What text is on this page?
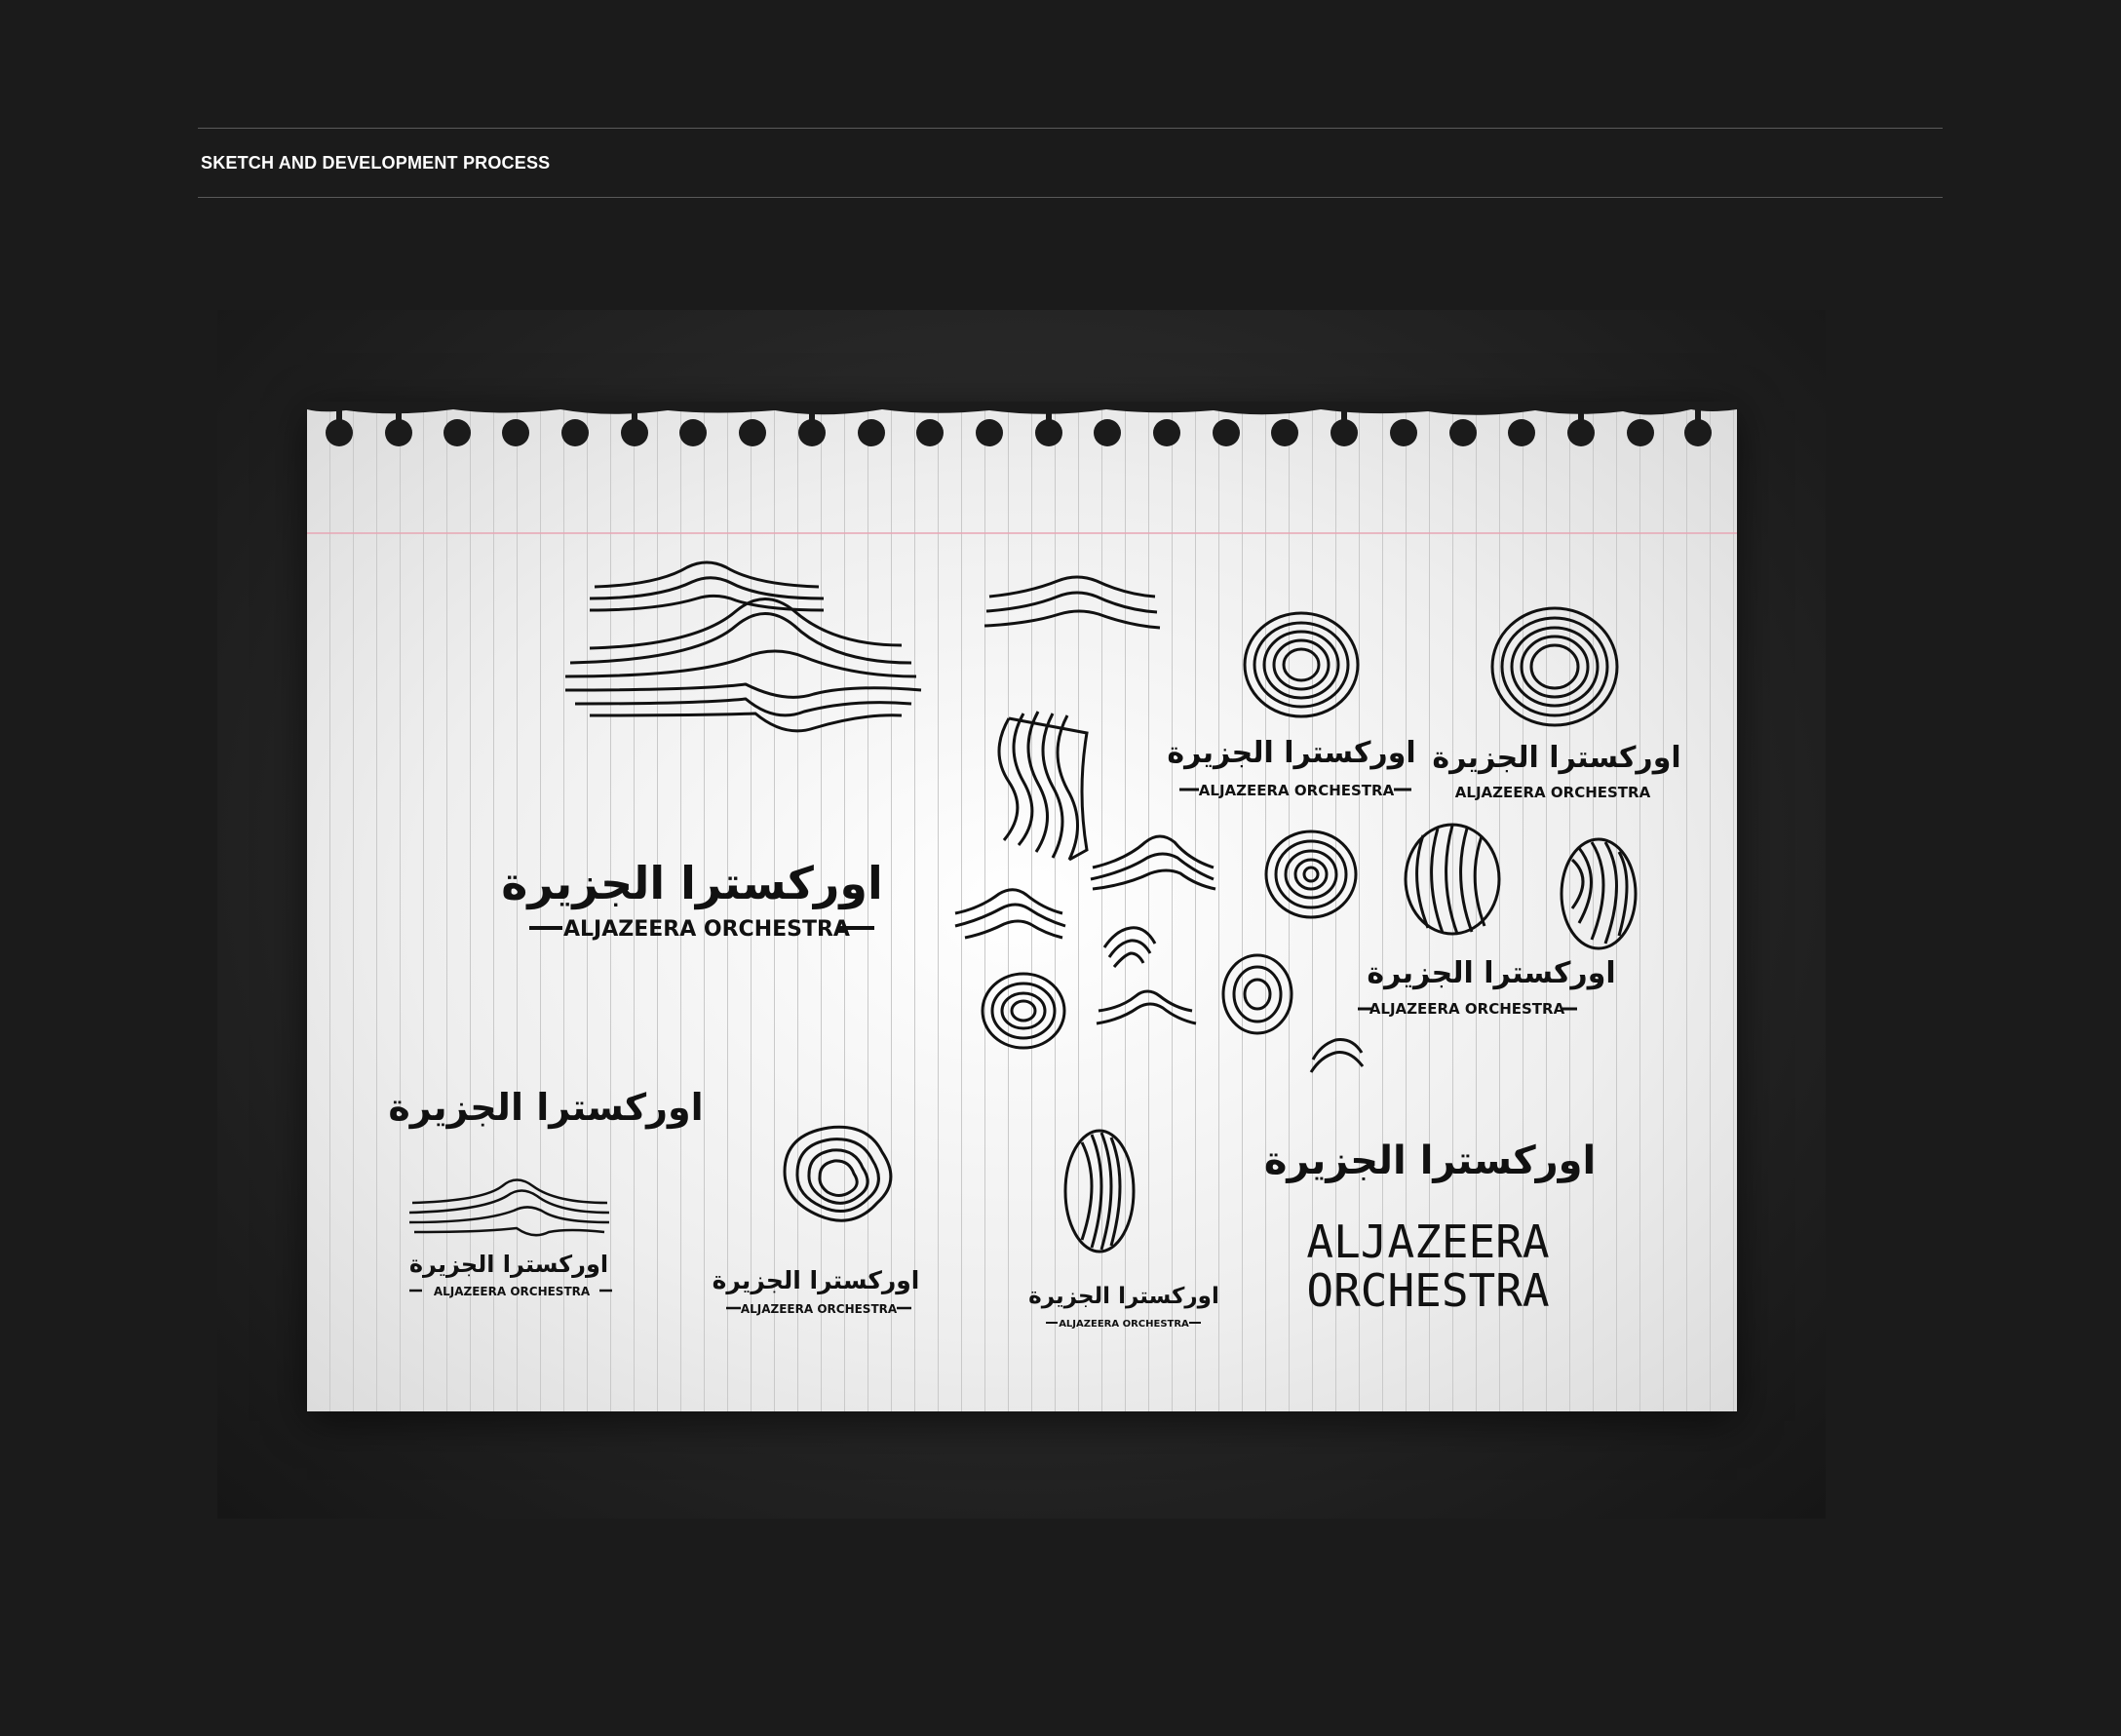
SKETCH AND DEVELOPMENT PROCESS
اوركسترا الجزيرة
ALJAZEERA ORCHESTRA
اوركسترا الجزيرة
ALJAZEERA ORCHESTRA
اوركسترا الجزيرة
ALJAZEERA ORCHESTRA
اوركسترا الجزيرة
ALJAZEERA ORCHESTRA
اوركسترا الجزيرة
اوركسترا الجزيرة
ALJAZEERA ORCHESTRA	اوركسترا الجزيرة
ALJAZEERA ORCHESTRA	اوركسترا الجزيرة
ALJAZEERA ORCHESTRA
اوركسترا الجزيرة
ALJAZEERA
ORCHESTRA
